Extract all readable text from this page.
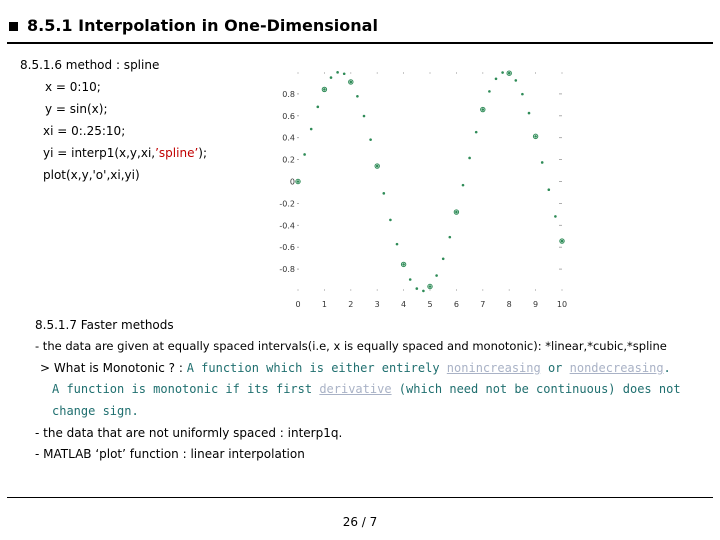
8.5.1 Interpolation in One-Dimensional
8.5.1.6 method : spline
x = 0:10;
y = sin(x);
xi = 0:.25:10;
yi = interp1(x,y,xi,’spline’);
plot(x,y,'o',xi,yi)
0	1	2	3	4	5	6	7	8	9 10
0.8
0.6
0.4
0.2
0
-0.2
-0.4
-0.6
-0.8
8.5.1.7 Faster methods
- the data are given at equally spaced intervals(i.e, x is equally spaced and monotonic): *linear,*cubic,*spline
> What is Monotonic ? : A function which is either entirely nonincreasing or nondecreasing.
A function is monotonic if its first derivative (which need not be continuous) does not
change sign.
- the data that are not uniformly spaced : interp1q.
- MATLAB ‘plot’ function : linear interpolation
26 / 7
